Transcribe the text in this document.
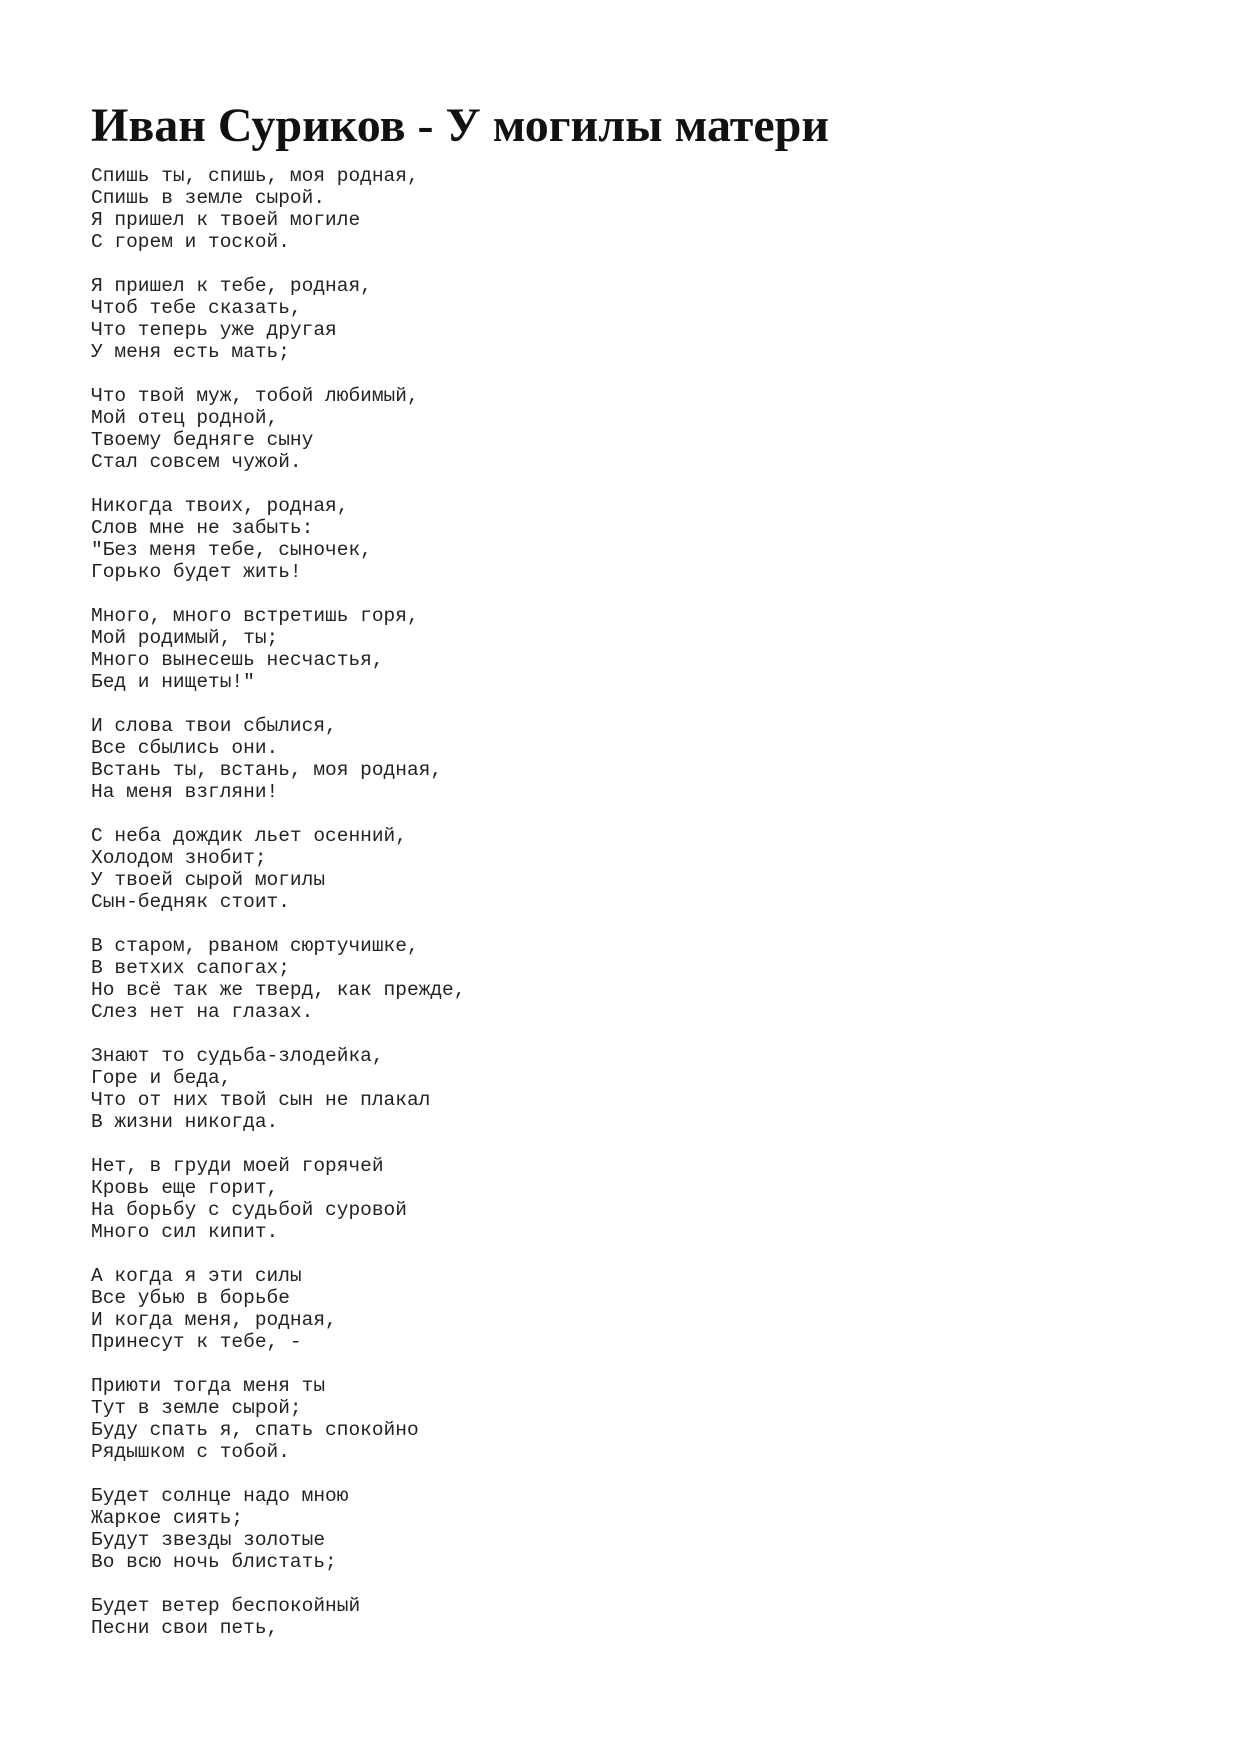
Иван Суриков - У могилы матери
Спишь ты, спишь, моя родная,
Спишь в земле сырой.
Я пришел к твоей могиле
С горем и тоской.
Я пришел к тебе, родная,
Чтоб тебе сказать,
Что теперь уже другая
У меня есть мать;
Что твой муж, тобой любимый,
Мой отец родной,
Твоему бедняге сыну
Стал совсем чужой.
Никогда твоих, родная,
Слов мне не забыть:
"Без меня тебе, сыночек,
Горько будет жить!
Много, много встретишь горя,
Мой родимый, ты;
Много вынесешь несчастья,
Бед и нищеты!"
И слова твои сбылися,
Все сбылись они.
Встань ты, встань, моя родная,
На меня взгляни!
С неба дождик льет осенний,
Холодом знобит;
У твоей сырой могилы
Сын-бедняк стоит.
В старом, рваном сюртучишке,
В ветхих сапогах;
Но всё так же тверд, как прежде,
Слез нет на глазах.
Знают то судьба-злодейка,
Горе и беда,
Что от них твой сын не плакал
В жизни никогда.
Нет, в груди моей горячей
Кровь еще горит,
На борьбу с судьбой суровой
Много сил кипит.
А когда я эти силы
Все убью в борьбе
И когда меня, родная,
Принесут к тебе, -
Приюти тогда меня ты
Тут в земле сырой;
Буду спать я, спать спокойно
Рядышком с тобой.
Будет солнце надо мною
Жаркое сиять;
Будут звезды золотые
Во всю ночь блистать;
Будет ветер беспокойный
Песни свои петь,
